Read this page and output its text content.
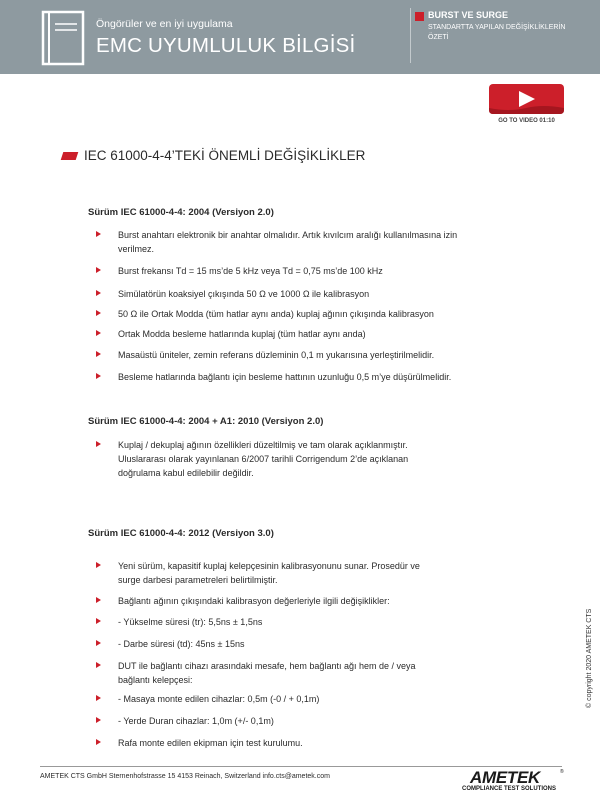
Öngörüler ve en iyi uygulama
EMC UYUMLULUK BİLGİSİ
BURST VE SURGE
STANDARTTA YAPILAN DEĞİŞİKLİKLERİN ÖZETİ
GO TO VIDEO 01:10
IEC 61000-4-4’TEKİ ÖNEMLİ DEĞİŞİKLİKLER
Sürüm IEC 61000-4-4: 2004 (Versiyon 2.0)
Burst anahtarı elektronik bir anahtar olmalıdır. Artık kıvılcım aralığı kullanılmasına izin verilmez.
Burst frekansı Td = 15 ms’de 5 kHz veya Td = 0,75 ms’de 100 kHz
Simülatörün koaksiyel çıkışında 50 Ω ve 1000 Ω ile kalibrasyon
50 Ω ile Ortak Modda (tüm hatlar aynı anda) kuplaj ağının çıkışında kalibrasyon
Ortak Modda besleme hatlarında kuplaj (tüm hatlar aynı anda)
Masaüstü üniteler, zemin referans düzleminin 0,1 m yukarısına yerleştirilmelidir.
Besleme hatlarında bağlantı için besleme hattının uzunluğu 0,5 m’ye düşürülmelidir.
Sürüm IEC 61000-4-4: 2004 + A1: 2010 (Versiyon 2.0)
Kuplaj / dekuplaj ağının özellikleri düzeltilmiş ve tam olarak açıklanmıştır. Uluslararası olarak yayınlanan 6/2007 tarihli Corrigendum 2’de açıklanan doğrulama kabul edilebilir değildir.
Sürüm IEC 61000-4-4: 2012 (Versiyon 3.0)
Yeni sürüm, kapasitif kuplaj kelepçesinin kalibrasyonunu sunar. Prosedür ve surge darbesi parametreleri belirtilmiştir.
Bağlantı ağının çıkışındaki kalibrasyon değerleriyle ilgili değişiklikler:
- Yükselme süresi (tr): 5,5ns ± 1,5ns
- Darbe süresi (td): 45ns ± 15ns
DUT ile bağlantı cihazı arasındaki mesafe, hem bağlantı ağı hem de / veya bağlantı kelepçesi:
- Masaya monte edilen cihazlar: 0,5m (-0 / + 0,1m)
- Yerde Duran cihazlar: 1,0m (+/- 0,1m)
Rafa monte edilen ekipman için test kurulumu.
© copyright 2020 AMETEK CTS
AMETEK CTS GmbH Sternenhofstrasse 15 4153 Reinach, Switzerland info.cts@ametek.com	AMETEK	®
COMPLIANCE TEST SOLUTIONS
